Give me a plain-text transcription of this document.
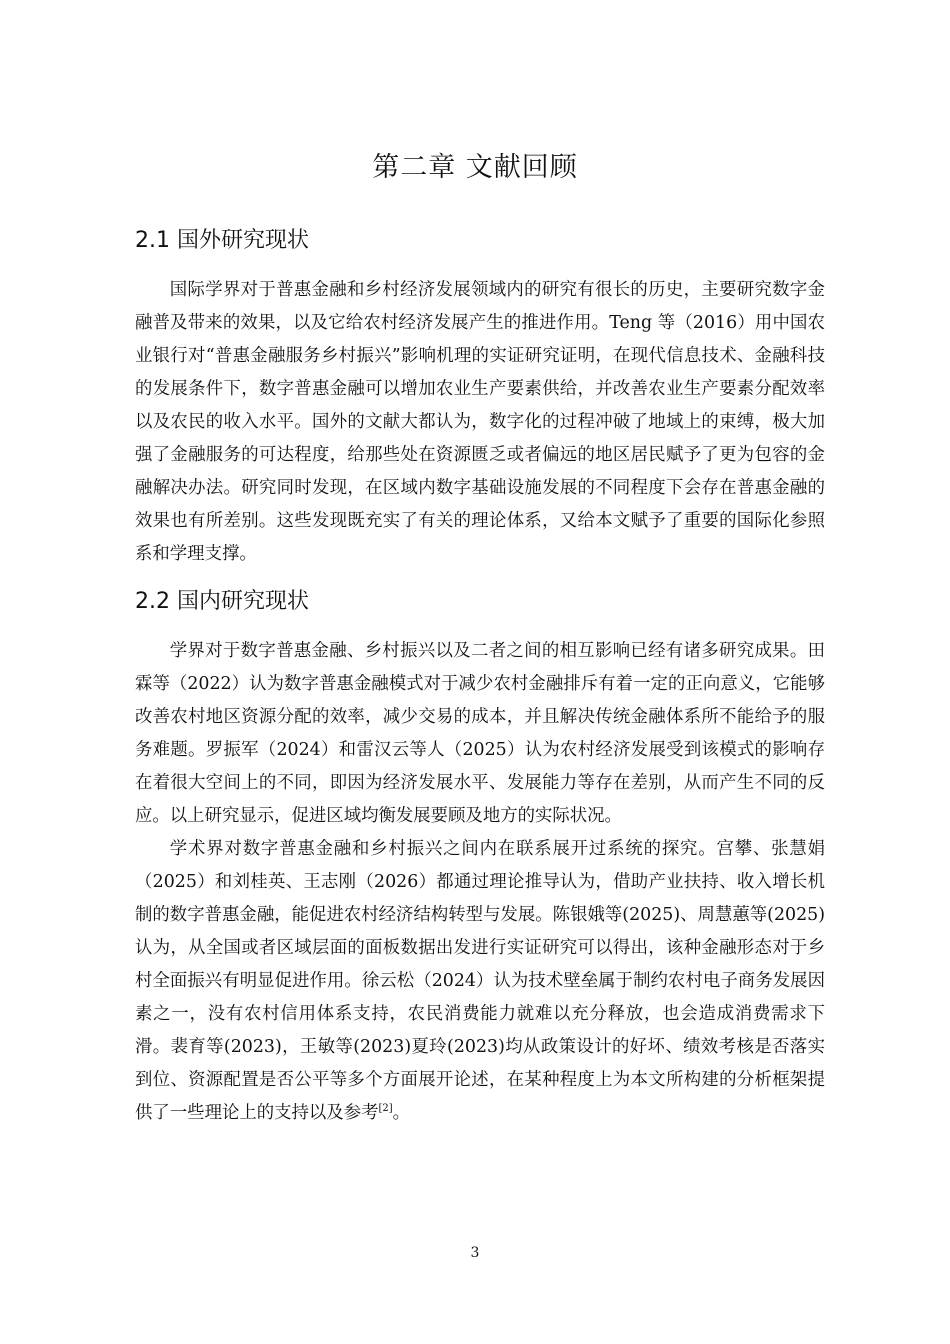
第二章 文献回顾
2.1 国外研究现状

国际学界对于普惠金融和乡村经济发展领域内的研究有很长的历史，主要研究数字金融普及带来的效果，以及它给农村经济发展产生的推进作用。Teng 等（2016）用中国农业银行对“普惠金融服务乡村振兴”影响机理的实证研究证明，在现代信息技术、金融科技的发展条件下，数字普惠金融可以增加农业生产要素供给，并改善农业生产要素分配效率以及农民的收入水平。国外的文献大都认为，数字化的过程冲破了地域上的束缚，极大加强了金融服务的可达程度，给那些处在资源匮乏或者偏远的地区居民赋予了更为包容的金融解决办法。研究同时发现，在区域内数字基础设施发展的不同程度下会存在普惠金融的效果也有所差别。这些发现既充实了有关的理论体系，又给本文赋予了重要的国际化参照系和学理支撑。

2.2 国内研究现状

学界对于数字普惠金融、乡村振兴以及二者之间的相互影响已经有诸多研究成果。田霖等（2022）认为数字普惠金融模式对于减少农村金融排斥有着一定的正向意义，它能够改善农村地区资源分配的效率，减少交易的成本，并且解决传统金融体系所不能给予的服务难题。罗振军（2024）和雷汉云等人（2025）认为农村经济发展受到该模式的影响存在着很大空间上的不同，即因为经济发展水平、发展能力等存在差别，从而产生不同的反应。以上研究显示，促进区域均衡发展要顾及地方的实际状况。

学术界对数字普惠金融和乡村振兴之间内在联系展开过系统的探究。宫攀、张慧娟（2025）和刘桂英、王志刚（2026）都通过理论推导认为，借助产业扶持、收入增长机制的数字普惠金融，能促进农村经济结构转型与发展。陈银娥等(2025)、周慧蕙等(2025)认为，从全国或者区域层面的面板数据出发进行实证研究可以得出，该种金融形态对于乡村全面振兴有明显促进作用。徐云松（2024）认为技术壁垒属于制约农村电子商务发展因素之一，没有农村信用体系支持，农民消费能力就难以充分释放，也会造成消费需求下滑。裴育等(2023)，王敏等(2023)夏玲(2023)均从政策设计的好坏、绩效考核是否落实到位、资源配置是否公平等多个方面展开论述，在某种程度上为本文所构建的分析框架提供了一些理论上的支持以及参考[2]。

3
